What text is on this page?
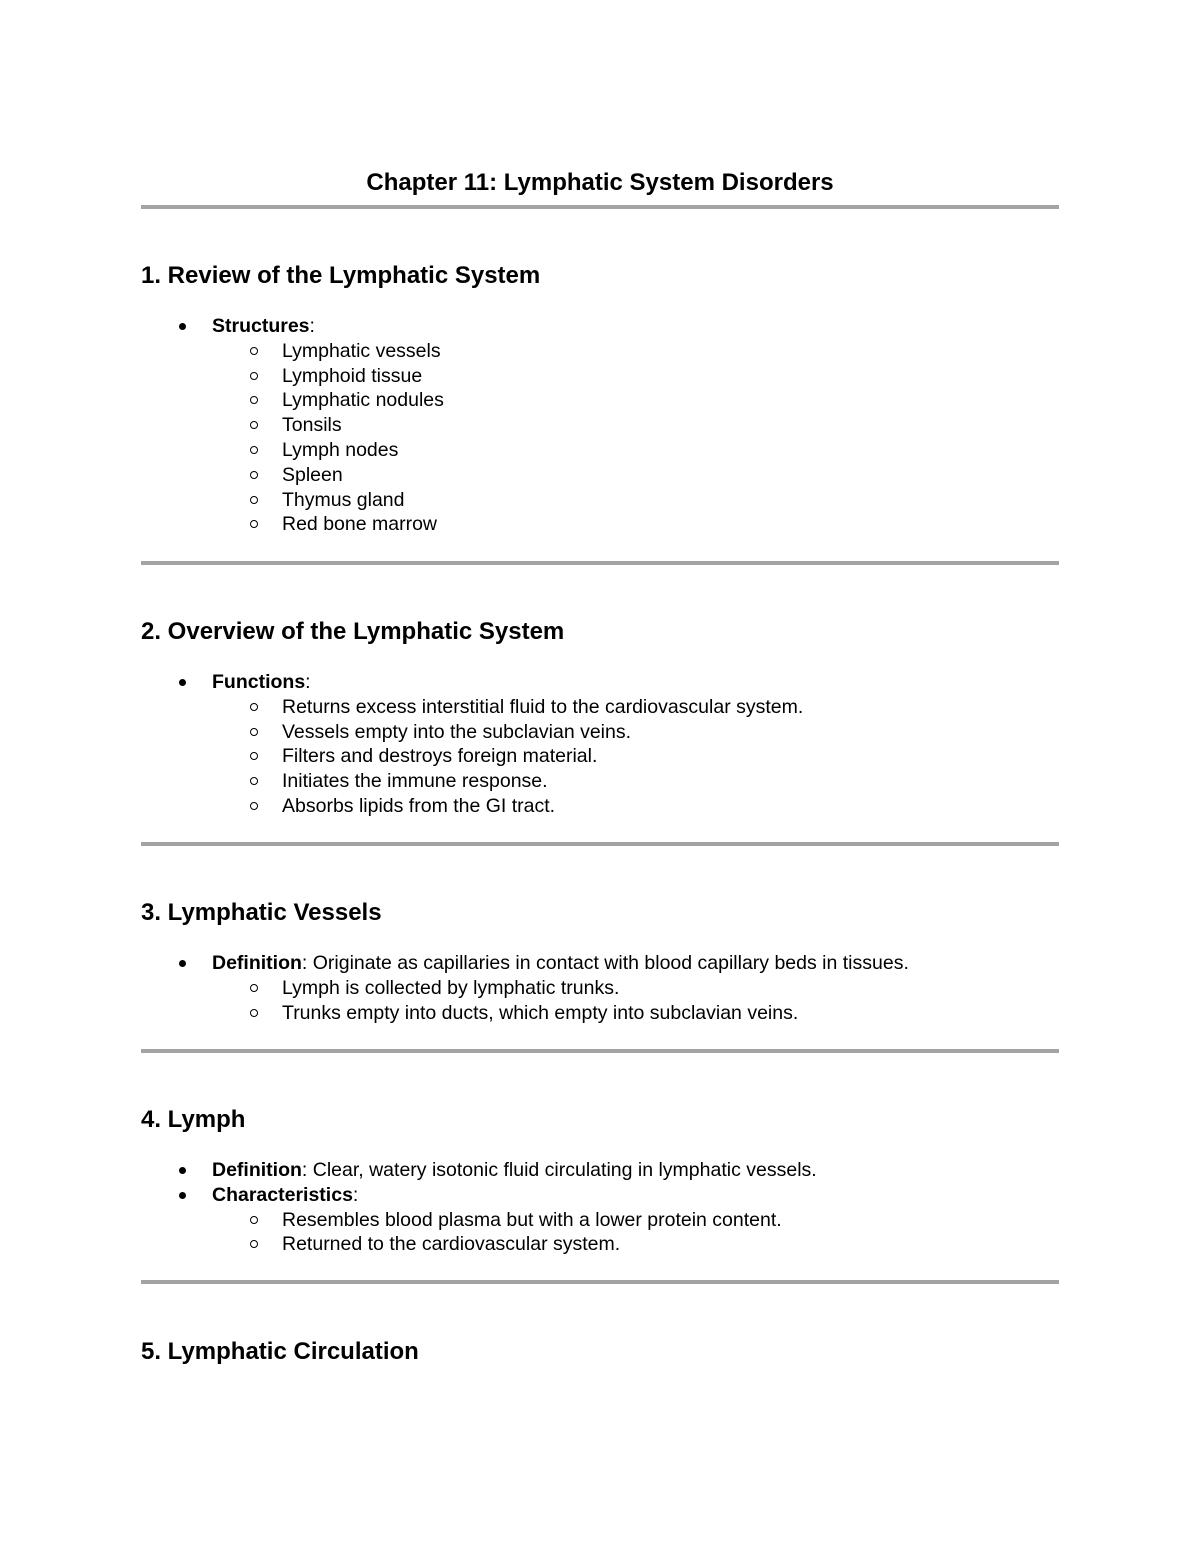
Chapter 11: Lymphatic System Disorders
1. Review of the Lymphatic System
Structures:
Lymphatic vessels
Lymphoid tissue
Lymphatic nodules
Tonsils
Lymph nodes
Spleen
Thymus gland
Red bone marrow
2. Overview of the Lymphatic System
Functions:
Returns excess interstitial fluid to the cardiovascular system.
Vessels empty into the subclavian veins.
Filters and destroys foreign material.
Initiates the immune response.
Absorbs lipids from the GI tract.
3. Lymphatic Vessels
Definition: Originate as capillaries in contact with blood capillary beds in tissues.
Lymph is collected by lymphatic trunks.
Trunks empty into ducts, which empty into subclavian veins.
4. Lymph
Definition: Clear, watery isotonic fluid circulating in lymphatic vessels.
Characteristics:
Resembles blood plasma but with a lower protein content.
Returned to the cardiovascular system.
5. Lymphatic Circulation
